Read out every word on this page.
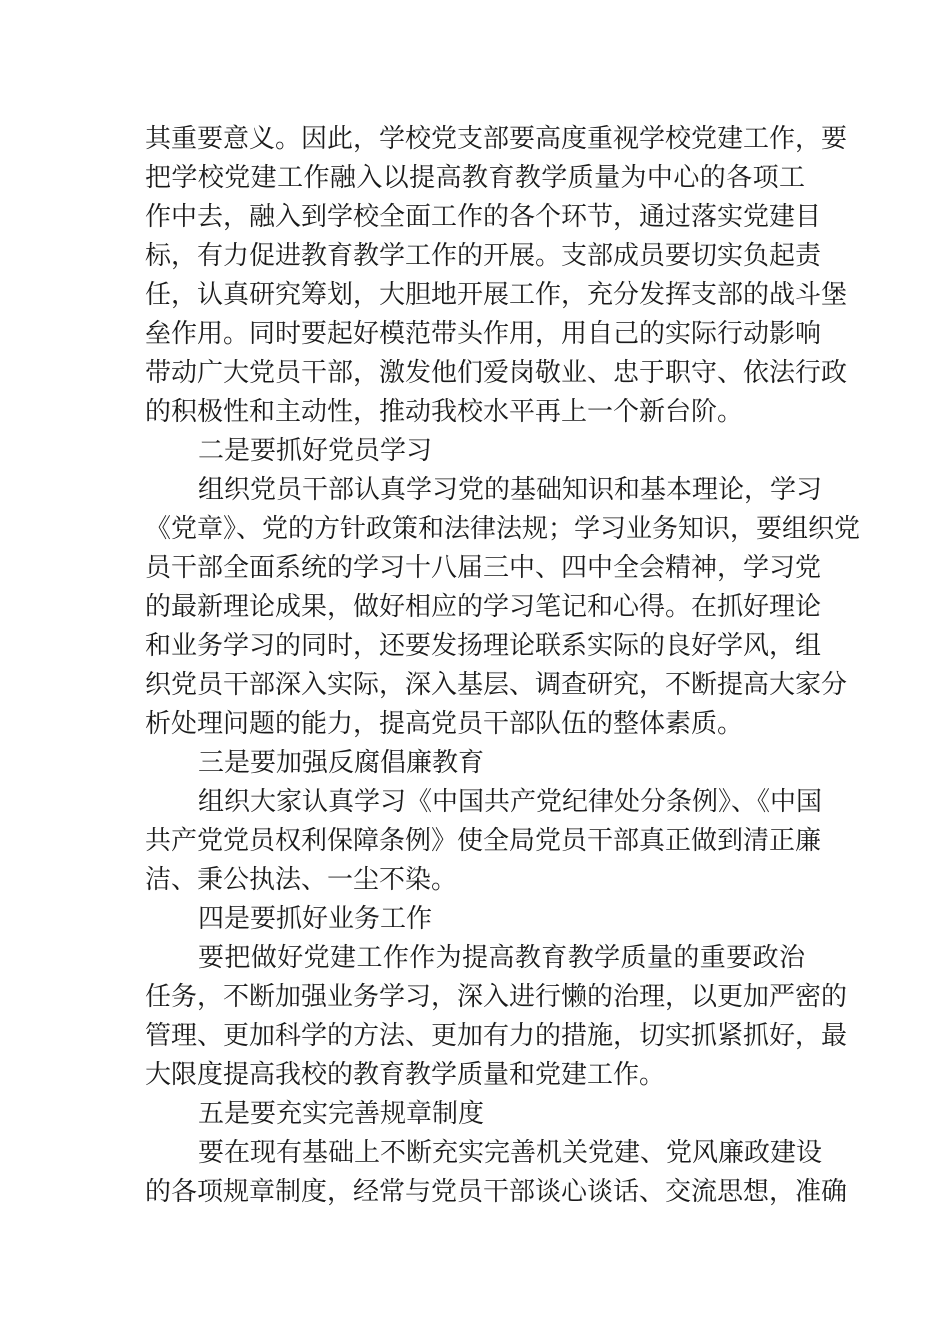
其重要意义。因此，学校党支部要高度重视学校党建工作，要
把学校党建工作融入以提高教育教学质量为中心的各项工
作中去，融入到学校全面工作的各个环节，通过落实党建目
标，有力促进教育教学工作的开展。支部成员要切实负起责
任，认真研究筹划，大胆地开展工作，充分发挥支部的战斗堡
垒作用。同时要起好模范带头作用，用自己的实际行动影响
带动广大党员干部，激发他们爱岗敬业、忠于职守、依法行政
的积极性和主动性，推动我校水平再上一个新台阶。
二是要抓好党员学习
组织党员干部认真学习党的基础知识和基本理论，学习
《党章》、党的方针政策和法律法规；学习业务知识，要组织党
员干部全面系统的学习十八届三中、四中全会精神，学习党
的最新理论成果，做好相应的学习笔记和心得。在抓好理论
和业务学习的同时，还要发扬理论联系实际的良好学风，组
织党员干部深入实际，深入基层、调查研究，不断提高大家分
析处理问题的能力，提高党员干部队伍的整体素质。
三是要加强反腐倡廉教育
组织大家认真学习《中国共产党纪律处分条例》、《中国
共产党党员权利保障条例》使全局党员干部真正做到清正廉
洁、秉公执法、一尘不染。
四是要抓好业务工作
要把做好党建工作作为提高教育教学质量的重要政治
任务，不断加强业务学习，深入进行懒的治理，以更加严密的
管理、更加科学的方法、更加有力的措施，切实抓紧抓好，最
大限度提高我校的教育教学质量和党建工作。
五是要充实完善规章制度
要在现有基础上不断充实完善机关党建、党风廉政建设
的各项规章制度，经常与党员干部谈心谈话、交流思想，准确
